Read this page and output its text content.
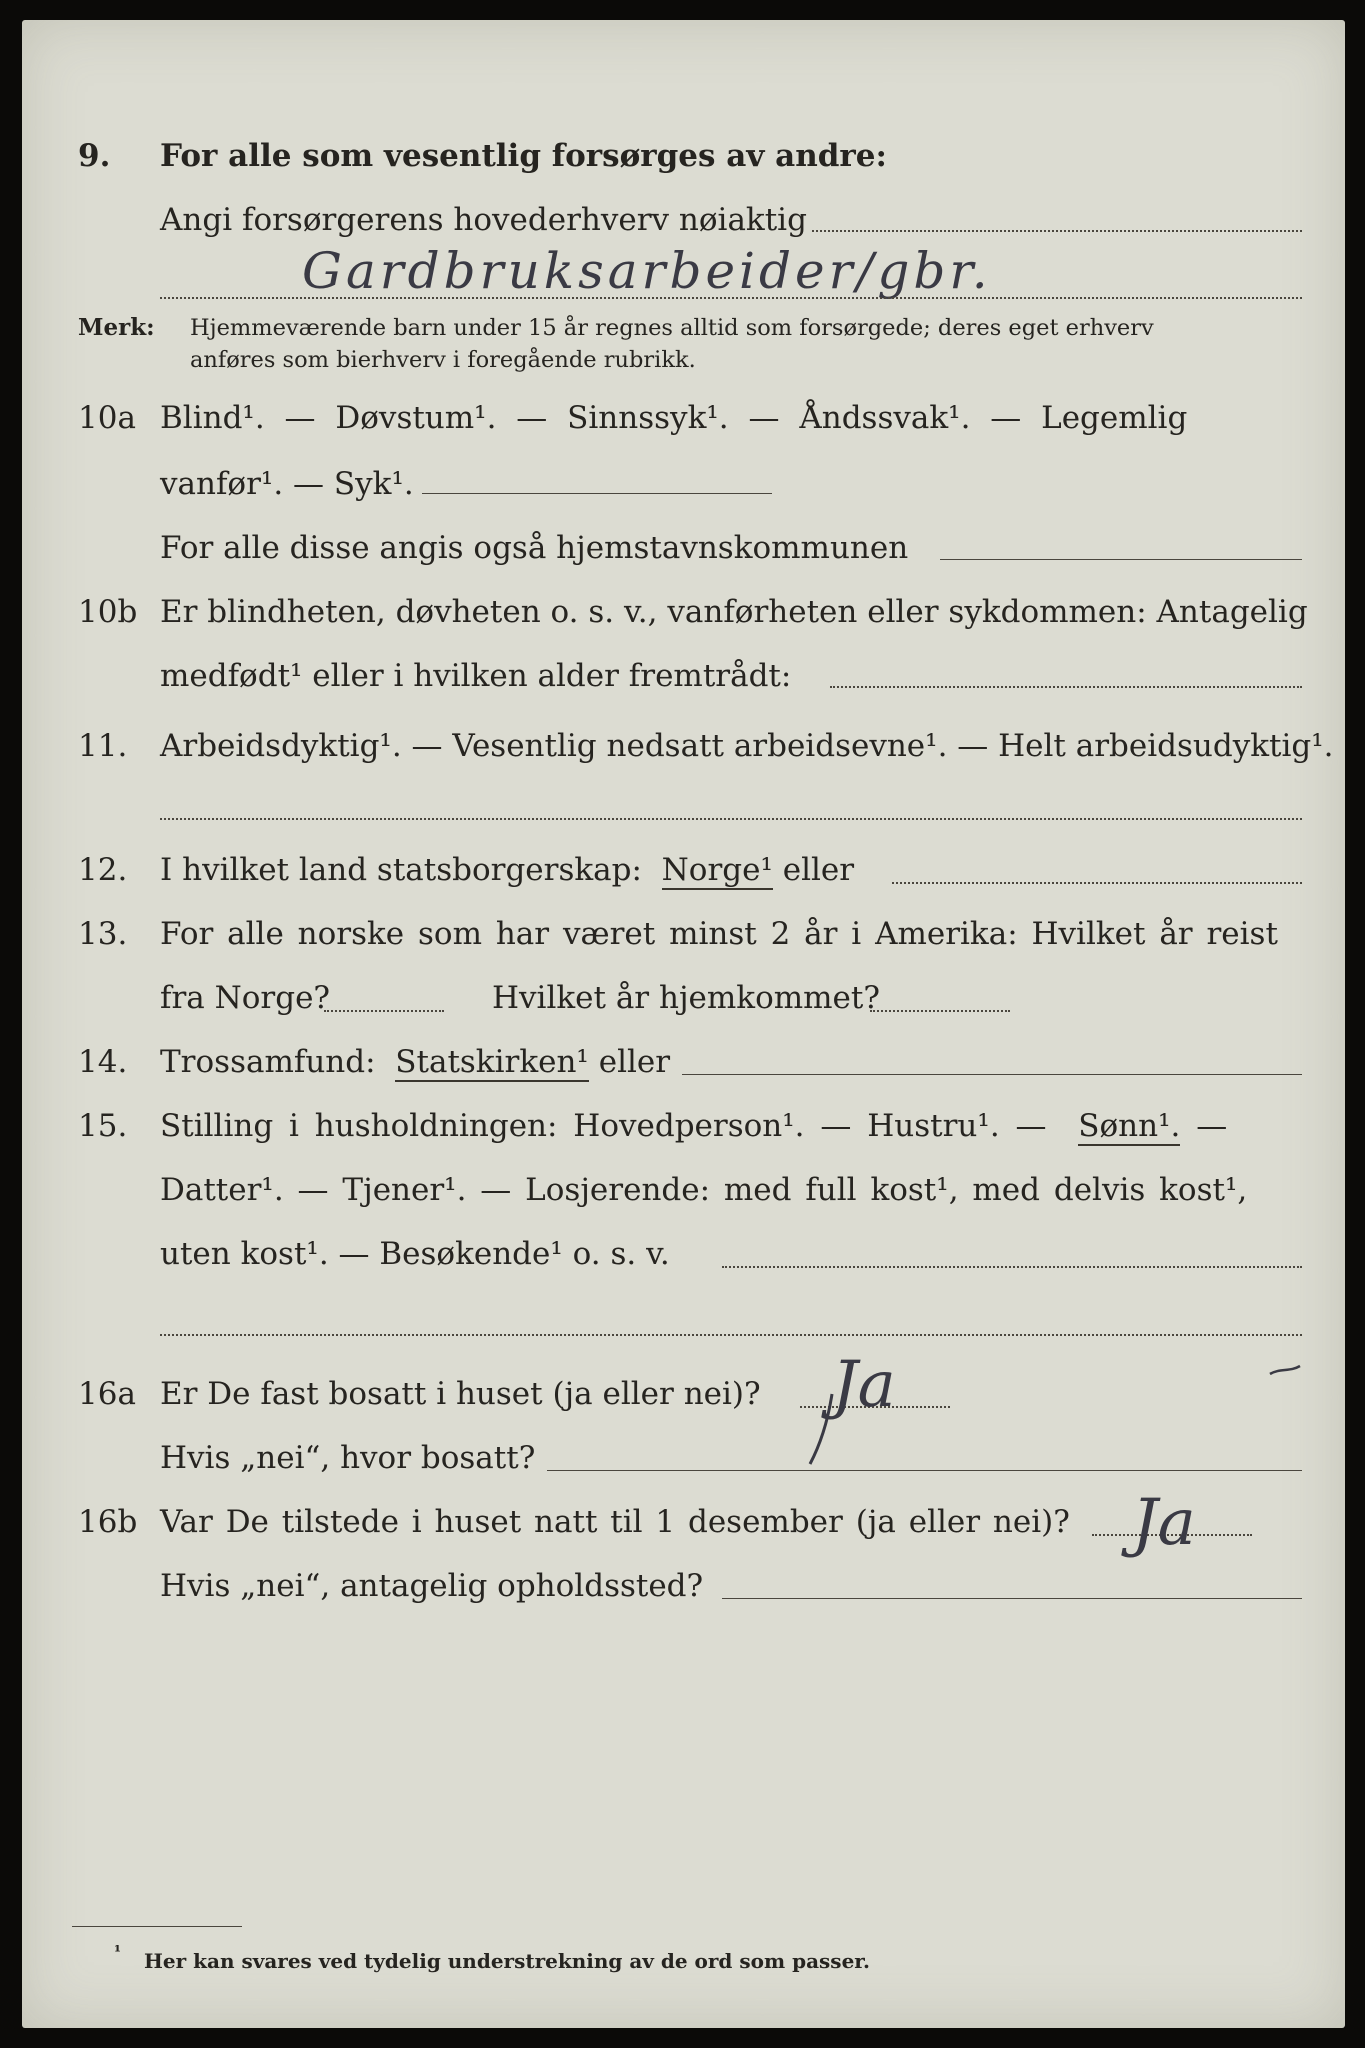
9. For alle som vesentlig forsørges av andre:
Angi forsørgerens hovederhverv nøiaktig
Gardbruksarbeider/gbr.
Merk: Hjemmeværende barn under 15 år regnes alltid som forsørgede; deres eget erhverv
anføres som bierhverv i foregående rubrikk.
10a Blind¹. — Døvstum¹. — Sinnssyk¹. — Åndssvak¹. — Legemlig
vanfør¹. — Syk¹.
For alle disse angis også hjemstavnskommunen
10b Er blindheten, døvheten o. s. v., vanførheten eller sykdommen: Antagelig
medfødt¹ eller i hvilken alder fremtrådt:
11. Arbeidsdyktig¹. — Vesentlig nedsatt arbeidsevne¹. — Helt arbeidsudyktig¹.
12. I hvilket land statsborgerskap: Norge¹ eller
13. For alle norske som har været minst 2 år i Amerika: Hvilket år reist
fra Norge?	Hvilket år hjemkommet?
14. Trossamfund: Statskirken¹ eller
15. Stilling i husholdningen: Hovedperson¹. — Hustru¹. — Sønn¹. —
Datter¹. — Tjener¹. — Losjerende: med full kost¹, med delvis kost¹,
uten kost¹. — Besøkende¹ o. s. v.
16a Er De fast bosatt i huset (ja eller nei)? Ja
Hvis „nei“, hvor bosatt?
16b Var De tilstede i huset natt til 1 desember (ja eller nei)? Ja
Hvis „nei“, antagelig opholdssted?
¹ Her kan svares ved tydelig understrekning av de ord som passer.
